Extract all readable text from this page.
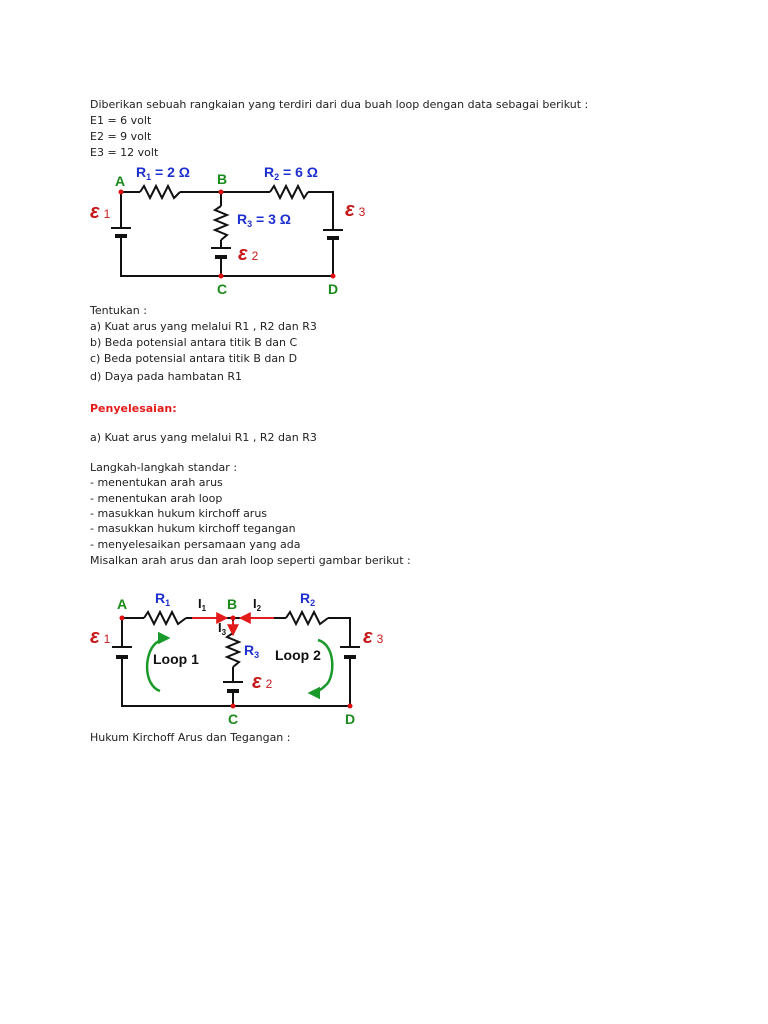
Diberikan sebuah rangkaian yang terdiri dari dua buah loop dengan data sebagai berikut :
E1 = 6 volt
E2 = 9 volt
E3 = 12 volt
A	B
C	D
$R_1 = 2$ Ω	$R_2 = 6$ Ω
$R_3 = 3$ Ω
ε 1	ε 3
ε 2
Tentukan :
a) Kuat arus yang melalui R1 , R2 dan R3
b) Beda potensial antara titik B dan C
c) Beda potensial antara titik B dan D
d) Daya pada hambatan R1
Penyelesaian:
a) Kuat arus yang melalui R1 , R2 dan R3
Langkah-langkah standar :
- menentukan arah arus
- menentukan arah loop
- masukkan hukum kirchoff arus
- masukkan hukum kirchoff tegangan
- menyelesaikan persamaan yang ada
Misalkan arah arus dan arah loop seperti gambar berikut :
A	B
C	D
$R_1$	$R_2$
$R_3$
$I_1$	$I_2$
$I_3$
ε 1	ε 3
ε 2
Loop 1	Loop 2
Hukum Kirchoff Arus dan Tegangan :
